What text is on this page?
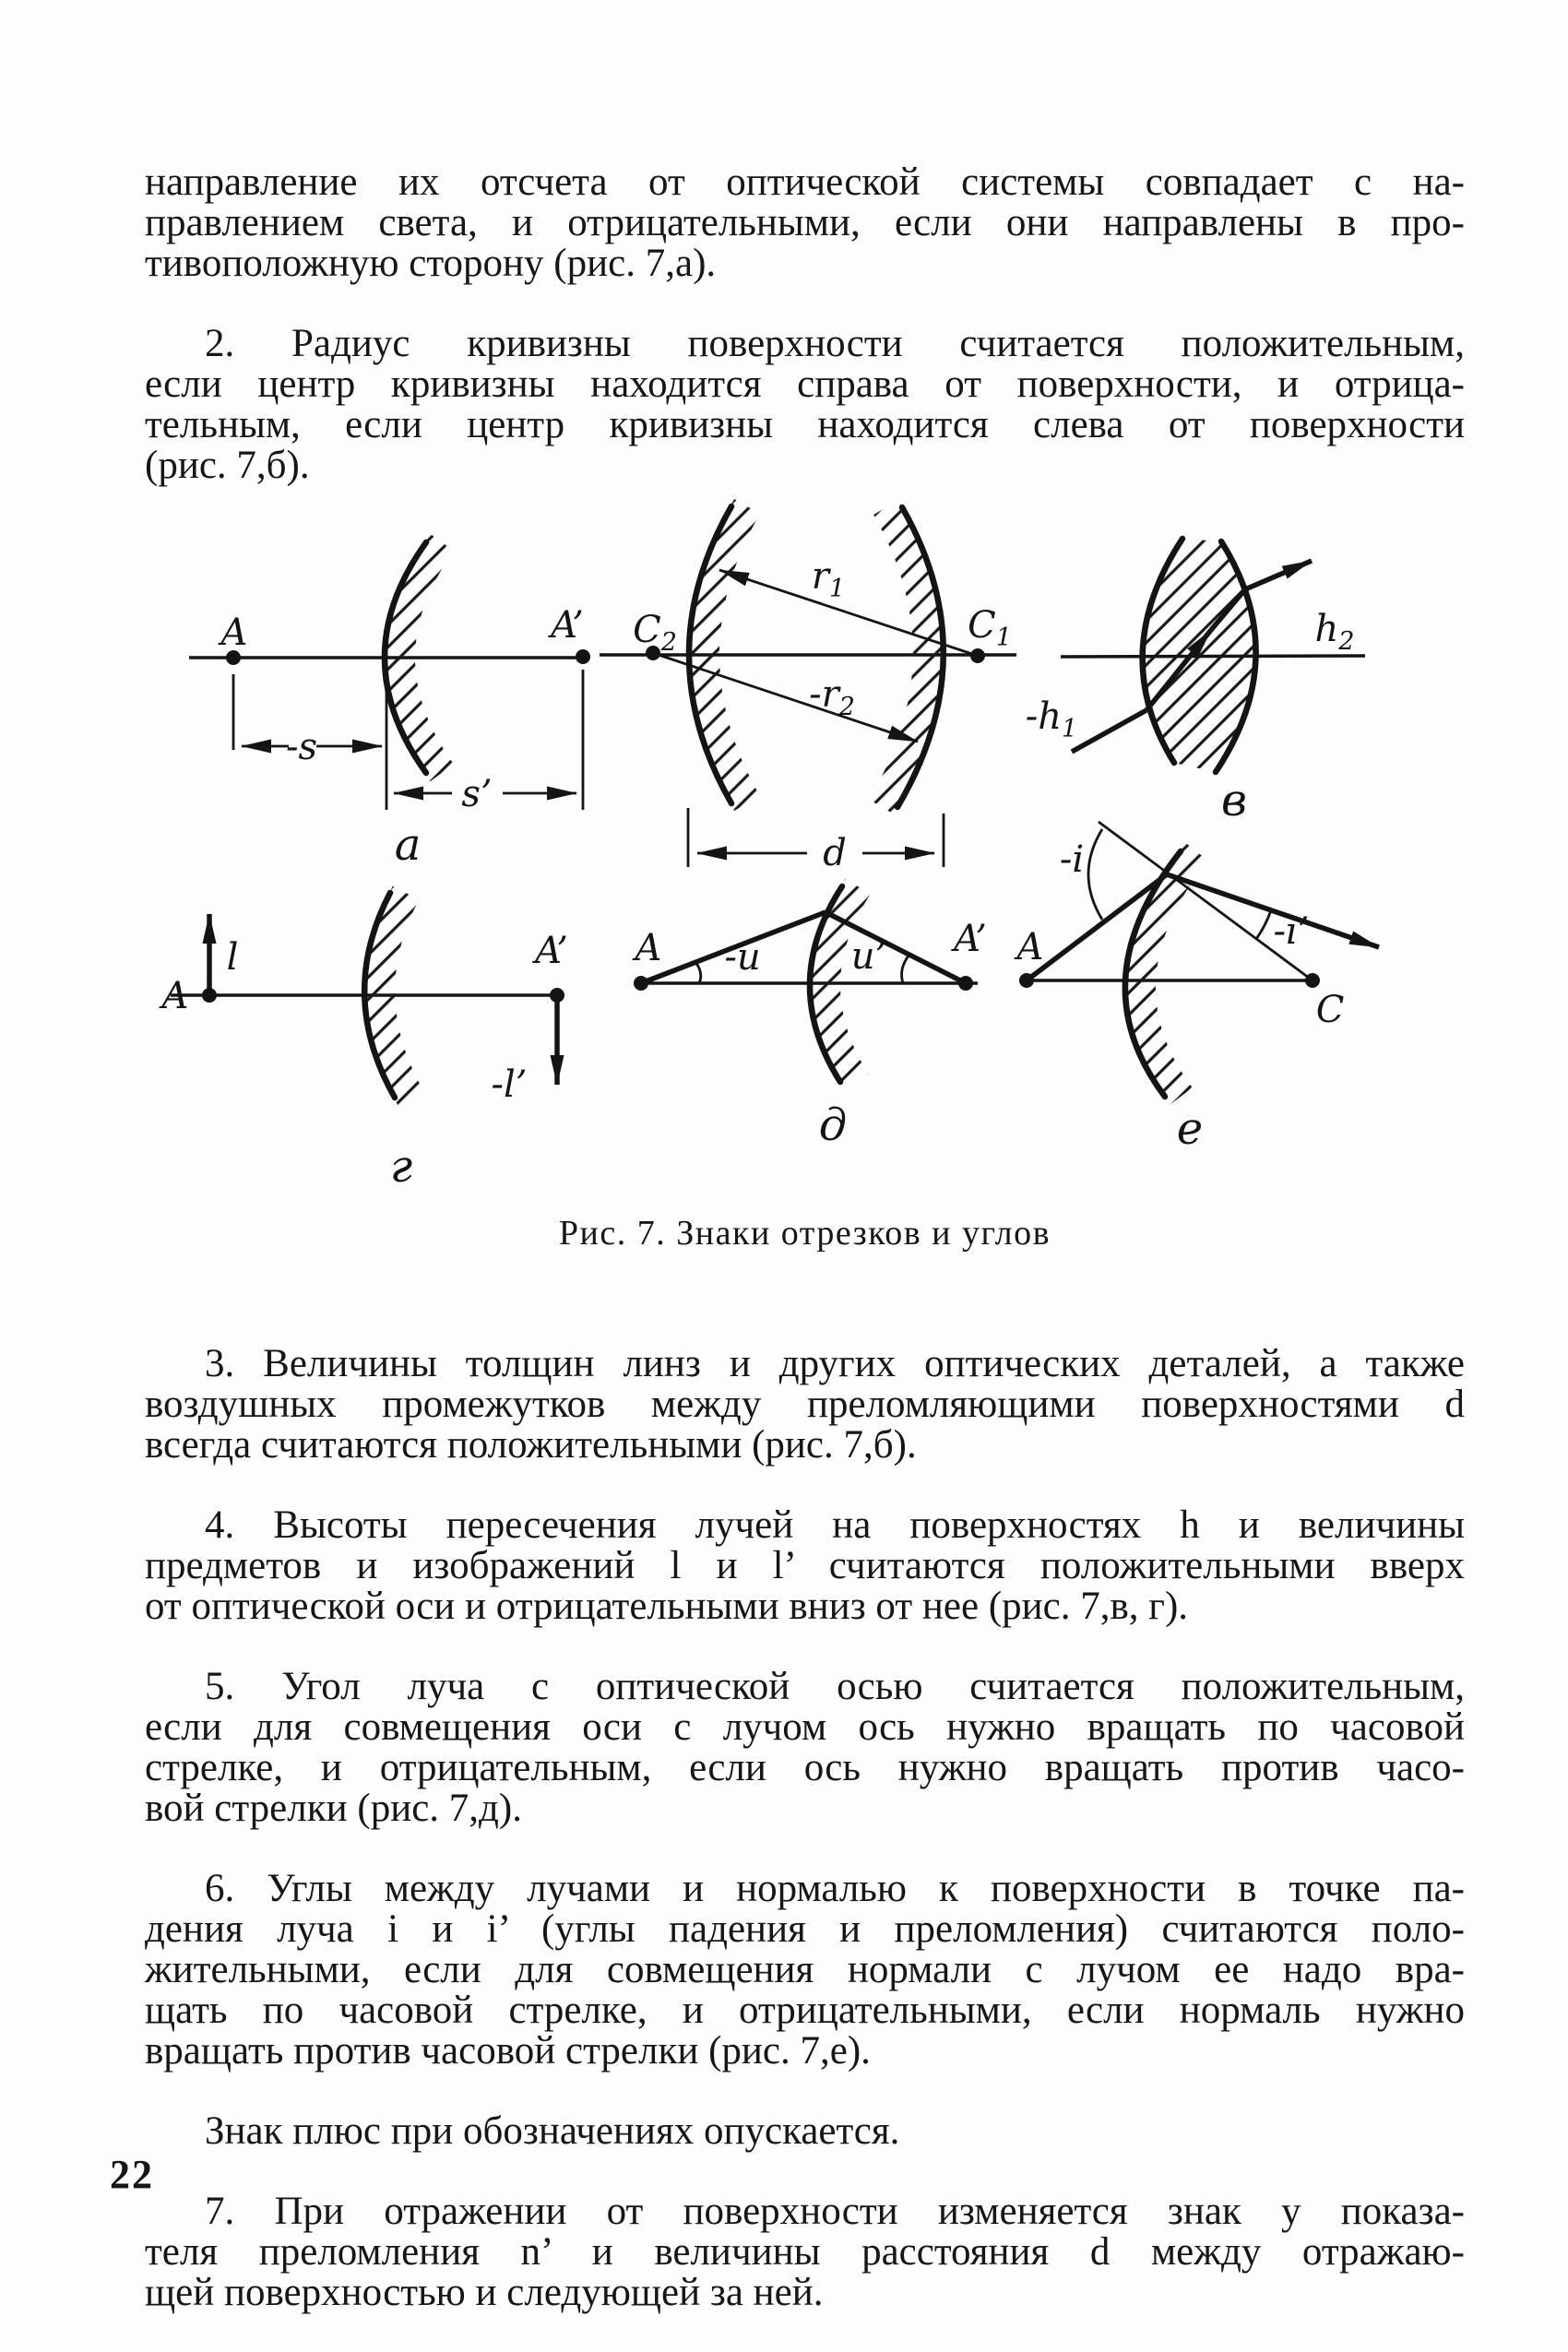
направление их отсчета от оптической системы совпадает с на-
правлением света, и отрицательными, если они направлены в про-
тивоположную сторону (рис. 7,а).

2. Радиус кривизны поверхности считается положительным,
если центр кривизны находится справа от поверхности, и отрица-
тельным, если центр кривизны находится слева от поверхности
(рис. 7,б).

A	A’
-s
s’
а
$C_2$	$C_1$
$r_1$
$-r_2$
d
$-h_1$
$h_2$
в
A
l	A’
-l’
г
A	A’
-u u’
д
A
C
-i
-i’
е
Рис. 7. Знаки отрезков и углов

3. Величины толщин линз и других оптических деталей, а также
воздушных промежутков между преломляющими поверхностями d
всегда считаются положительными (рис. 7,б).

4. Высоты пересечения лучей на поверхностях h и величины
предметов и изображений l и l’ считаются положительными вверх
от оптической оси и отрицательными вниз от нее (рис. 7,в, г).

5. Угол луча с оптической осью считается положительным,
если для совмещения оси с лучом ось нужно вращать по часовой
стрелке, и отрицательным, если ось нужно вращать против часо-
вой стрелки (рис. 7,д).

6. Углы между лучами и нормалью к поверхности в точке па-
дения луча i и i’ (углы падения и преломления) считаются поло-
жительными, если для совмещения нормали с лучом ее надо вра-
щать по часовой стрелке, и отрицательными, если нормаль нужно
вращать против часовой стрелки (рис. 7,е).

Знак плюс при обозначениях опускается.

7. При отражении от поверхности изменяется знак у показа-
теля преломления n’ и величины расстояния d между отражаю-
щей поверхностью и следующей за ней.

22
